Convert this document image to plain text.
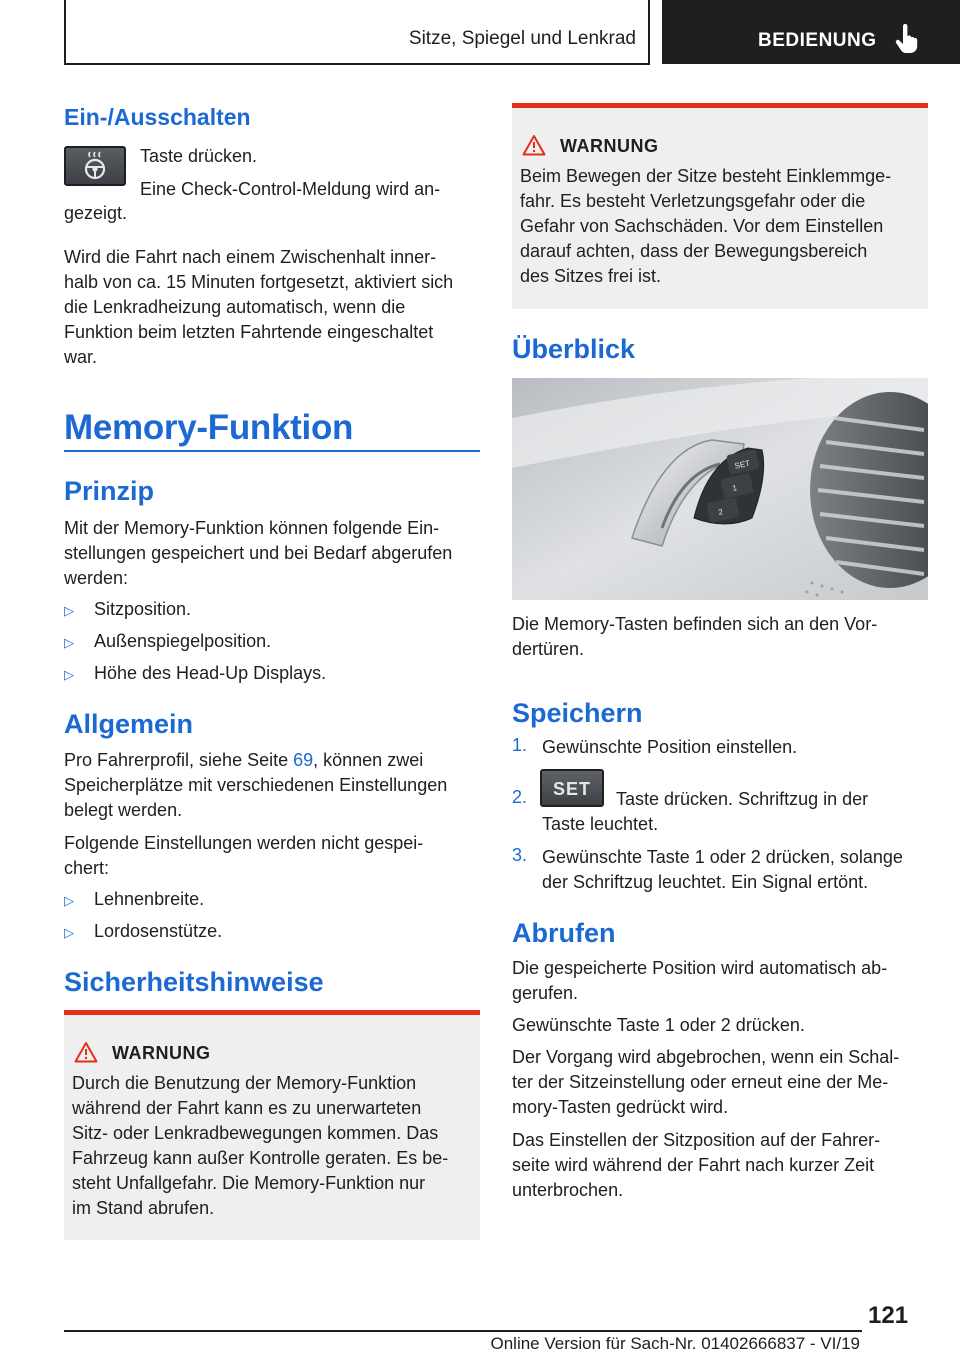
Sitze, Spiegel und Lenkrad	BEDIENUNG
Ein-/Ausschalten
Taste drücken.
Eine Check-Control-Meldung wird an-
gezeigt.
Wird die Fahrt nach einem Zwischenhalt inner-
halb von ca. 15 Minuten fortgesetzt, aktiviert sich
die Lenkradheizung automatisch, wenn die
Funktion beim letzten Fahrtende eingeschaltet
war.
Memory-Funktion
Prinzip
Mit der Memory-Funktion können folgende Ein-
stellungen gespeichert und bei Bedarf abgerufen
werden:
▷ Sitzposition.
▷ Außenspiegelposition.
▷ Höhe des Head-Up Displays.
Allgemein
Pro Fahrerprofil, siehe Seite 69, können zwei
Speicherplätze mit verschiedenen Einstellungen
belegt werden.
Folgende Einstellungen werden nicht gespei-
chert:
▷ Lehnenbreite.
▷ Lordosenstütze.
Sicherheitshinweise
WARNUNG
Durch die Benutzung der Memory-Funktion
während der Fahrt kann es zu unerwarteten
Sitz- oder Lenkradbewegungen kommen. Das
Fahrzeug kann außer Kontrolle geraten. Es be-
steht Unfallgefahr. Die Memory-Funktion nur
im Stand abrufen.
WARNUNG
Beim Bewegen der Sitze besteht Einklemmge-
fahr. Es besteht Verletzungsgefahr oder die
Gefahr von Sachschäden. Vor dem Einstellen
darauf achten, dass der Bewegungsbereich
des Sitzes frei ist.
Überblick
SET
1
2
Die Memory-Tasten befinden sich an den Vor-
dertüren.
Speichern
1. Gewünschte Position einstellen.
2.	SET	Taste drücken. Schriftzug in der
Taste leuchtet.
3. Gewünschte Taste 1 oder 2 drücken, solange
der Schriftzug leuchtet. Ein Signal ertönt.
Abrufen
Die gespeicherte Position wird automatisch ab-
gerufen.
Gewünschte Taste 1 oder 2 drücken.
Der Vorgang wird abgebrochen, wenn ein Schal-
ter der Sitzeinstellung oder erneut eine der Me-
mory-Tasten gedrückt wird.
Das Einstellen der Sitzposition auf der Fahrer-
seite wird während der Fahrt nach kurzer Zeit
unterbrochen.
121
Online Version für Sach-Nr. 01402666837 - VI/19
